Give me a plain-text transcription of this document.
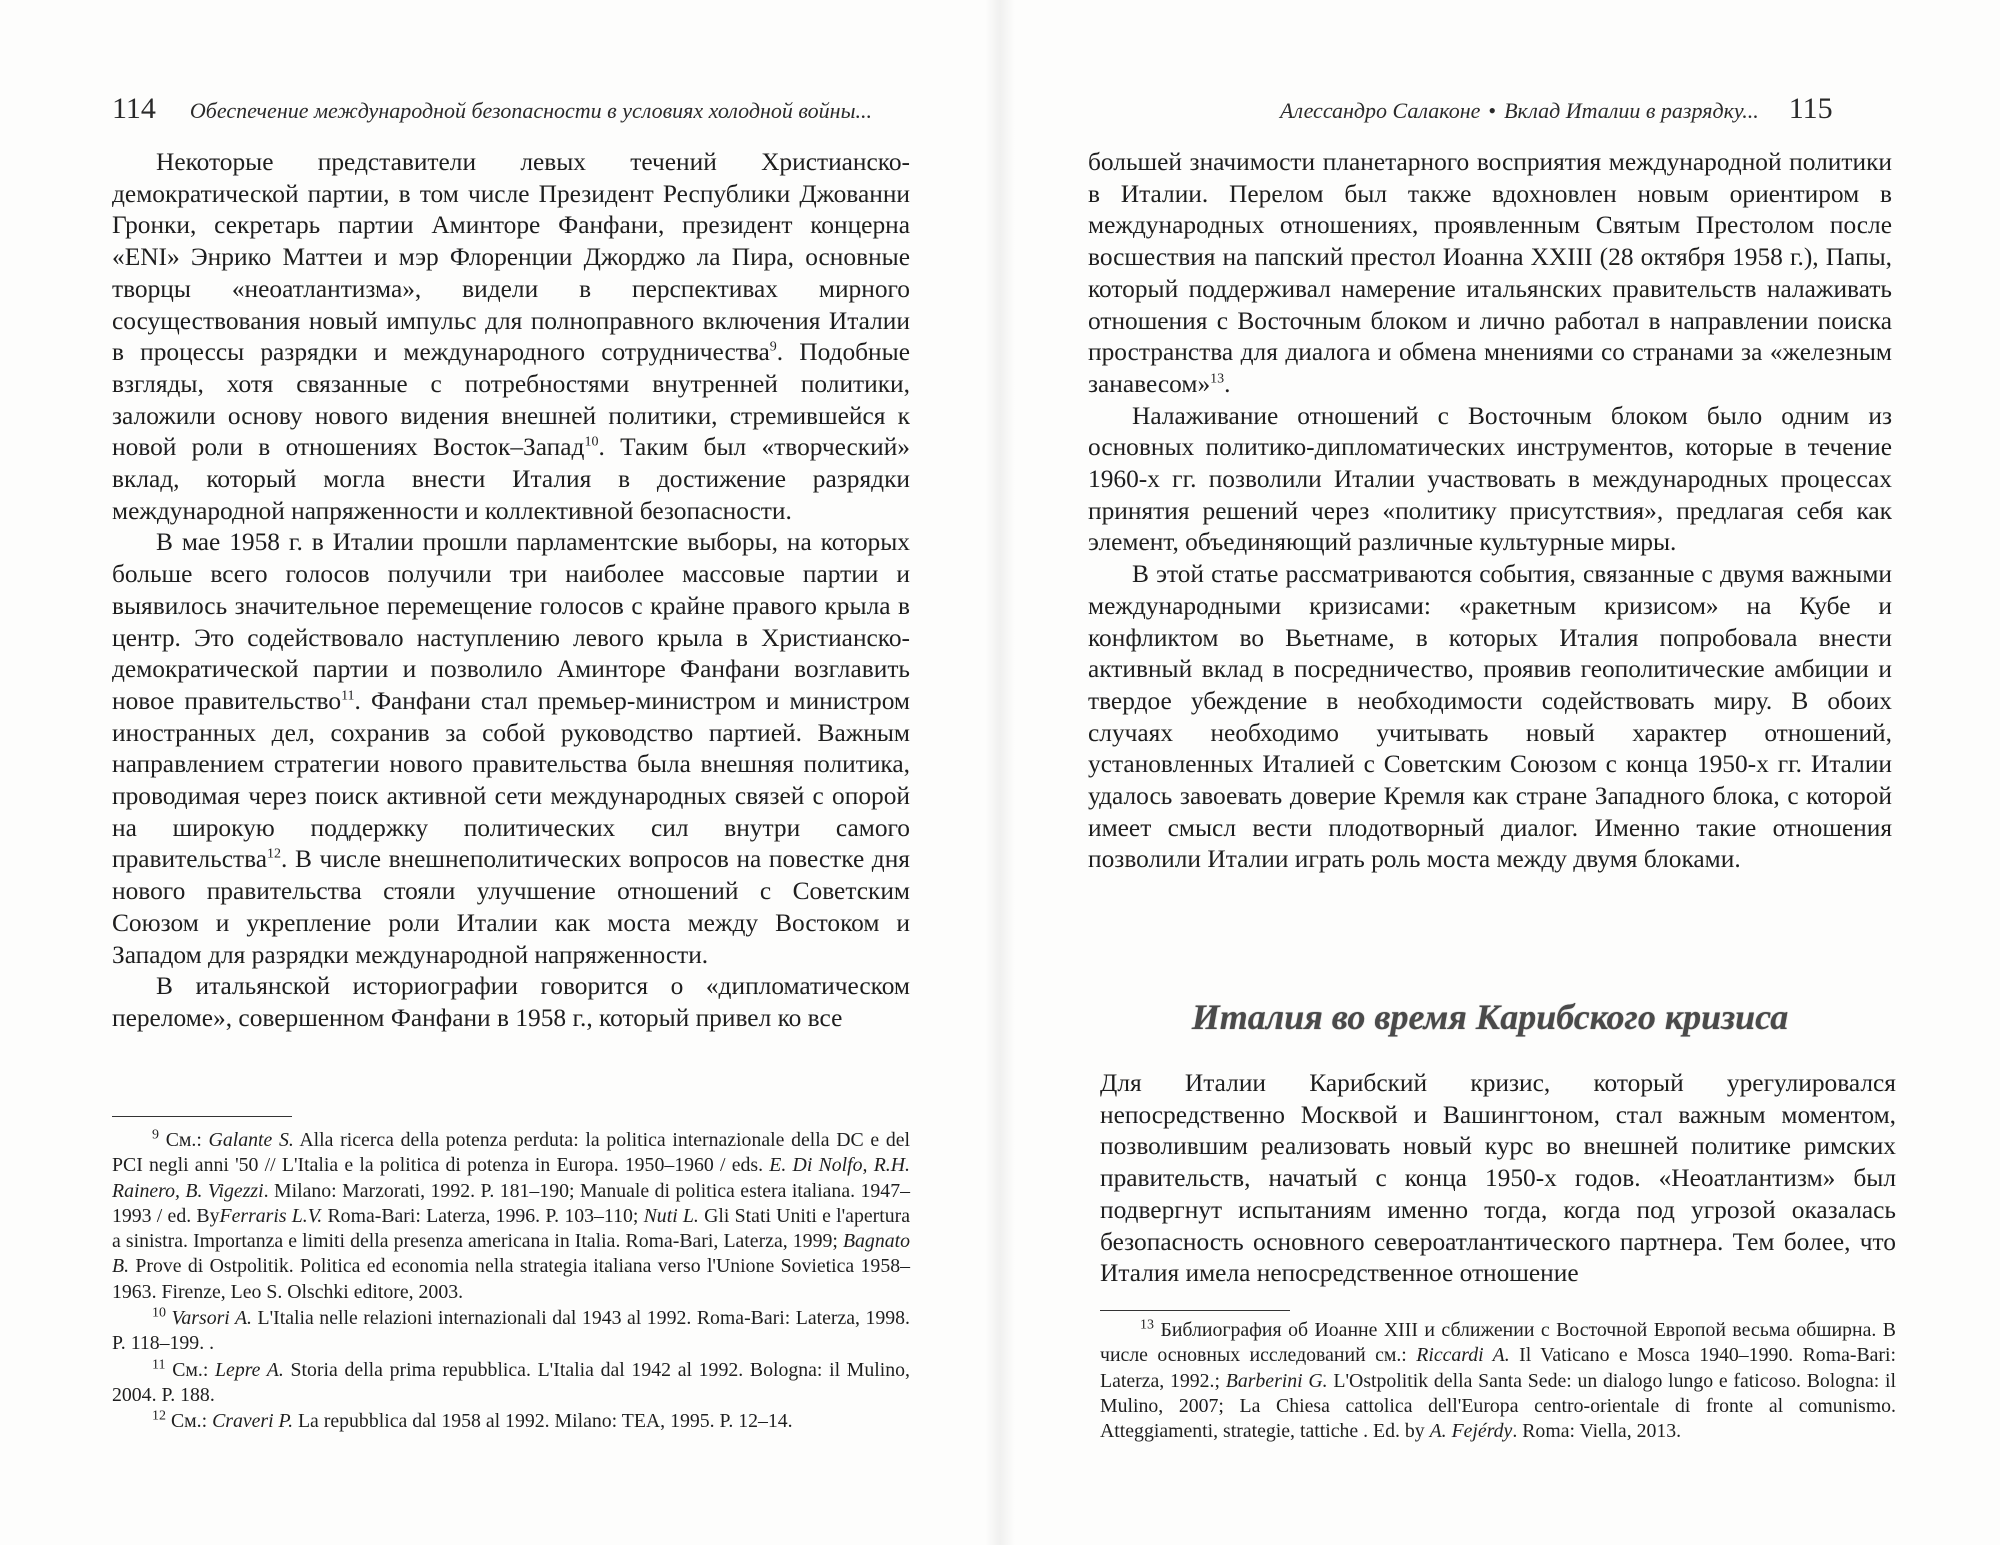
114 Обеспечение международной безопасности в условиях холодной войны...

Некоторые представители левых течений Христианско-демократической партии, в том числе Президент Республики Джованни Гронки, секретарь партии Аминторе Фанфани, президент концерна «ENI» Энрико Маттеи и мэр Флоренции Джорджо ла Пира, основные творцы «неоатлантизма», видели в перспективах мирного сосуществования новый импульс для полноправного включения Италии в процессы разрядки и международного сотрудничества$^9$. Подобные взгляды, хотя связанные с потребностями внутренней политики, заложили основу нового видения внешней политики, стремившейся к новой роли в отношениях Восток–Запад$^{10}$. Таким был «творческий» вклад, который могла внести Италия в достижение разрядки международной напряженности и коллективной безопасности.

В мае 1958 г. в Италии прошли парламентские выборы, на которых больше всего голосов получили три наиболее массовые партии и выявилось значительное перемещение голосов с крайне правого крыла в центр. Это содействовало наступлению левого крыла в Христианско-демократической партии и позволило Аминторе Фанфани возглавить новое правительство$^{11}$. Фанфани стал премьер-министром и министром иностранных дел, сохранив за собой руководство партией. Важным направлением стратегии нового правительства была внешняя политика, проводимая через поиск активной сети международных связей с опорой на широкую поддержку политических сил внутри самого правительства$^{12}$. В числе внешнеполитических вопросов на повестке дня нового правительства стояли улучшение отношений с Советским Союзом и укрепление роли Италии как моста между Востоком и Западом для разрядки международной напряженности.

В итальянской историографии говорится о «дипломатическом переломе», совершенном Фанфани в 1958 г., который привел ко все

$^9$ См.: Galante S. Alla ricerca della potenza perduta: la politica internazionale della DC e del PCI negli anni '50 // L'Italia e la politica di potenza in Europa. 1950–1960 / eds. E. Di Nolfo, R.H. Rainero, B. Vigezzi. Milano: Marzorati, 1992. P. 181–190; Manuale di politica estera italiana. 1947–1993 / ed. ByFerraris L.V. Roma-Bari: Laterza, 1996. P. 103–110; Nuti L. Gli Stati Uniti e l'apertura a sinistra. Importanza e limiti della presenza americana in Italia. Roma-Bari, Laterza, 1999; Bagnato B. Prove di Ostpolitik. Politica ed economia nella strategia italiana verso l'Unione Sovietica 1958–1963. Firenze, Leo S. Olschki editore, 2003.

$^{10}$ Varsori A. L'Italia nelle relazioni internazionali dal 1943 al 1992. Roma-Bari: Laterza, 1998. P. 118–199. .

$^{11}$ См.: Lepre A. Storia della prima repubblica. L'Italia dal 1942 al 1992. Bologna: il Mulino, 2004. P. 188.

$^{12}$ См.: Craveri P. La repubblica dal 1958 al 1992. Milano: TEA, 1995. P. 12–14.

Алессандро Салаконе • Вклад Италии в разрядку... 115

большей значимости планетарного восприятия международной политики в Италии. Перелом был также вдохновлен новым ориентиром в международных отношениях, проявленным Святым Престолом после восшествия на папский престол Иоанна XXIII (28 октября 1958 г.), Папы, который поддерживал намерение итальянских правительств налаживать отношения с Восточным блоком и лично работал в направлении поиска пространства для диалога и обмена мнениями со странами за «железным занавесом»$^{13}$.

Налаживание отношений с Восточным блоком было одним из основных политико-дипломатических инструментов, которые в течение 1960-х гг. позволили Италии участвовать в международных процессах принятия решений через «политику присутствия», предлагая себя как элемент, объединяющий различные культурные миры.

В этой статье рассматриваются события, связанные с двумя важными международными кризисами: «ракетным кризисом» на Кубе и конфликтом во Вьетнаме, в которых Италия попробовала внести активный вклад в посредничество, проявив геополитические амбиции и твердое убеждение в необходимости содействовать миру. В обоих случаях необходимо учитывать новый характер отношений, установленных Италией с Советским Союзом с конца 1950-х гг. Италии удалось завоевать доверие Кремля как стране Западного блока, с которой имеет смысл вести плодотворный диалог. Именно такие отношения позволили Италии играть роль моста между двумя блоками.

Италия во время Карибского кризиса

Для Италии Карибский кризис, который урегулировался непосредственно Москвой и Вашингтоном, стал важным моментом, позволившим реализовать новый курс во внешней политике римских правительств, начатый с конца 1950-х годов. «Неоатлантизм» был подвергнут испытаниям именно тогда, когда под угрозой оказалась безопасность основного североатлантического партнера. Тем более, что Италия имела непосредственное отношение

$^{13}$ Библиография об Иоанне XIII и сближении с Восточной Европой весьма обширна. В числе основных исследований см.: Riccardi A. Il Vaticano e Mosca 1940–1990. Roma-Bari: Laterza, 1992.; Barberini G. L'Ostpolitik della Santa Sede: un dialogo lungo e faticoso. Bologna: il Mulino, 2007; La Chiesa cattolica dell'Europa centro-orientale di fronte al comunismo. Atteggiamenti, strategie, tattiche . Ed. by A. Fejérdy. Roma: Viella, 2013.
